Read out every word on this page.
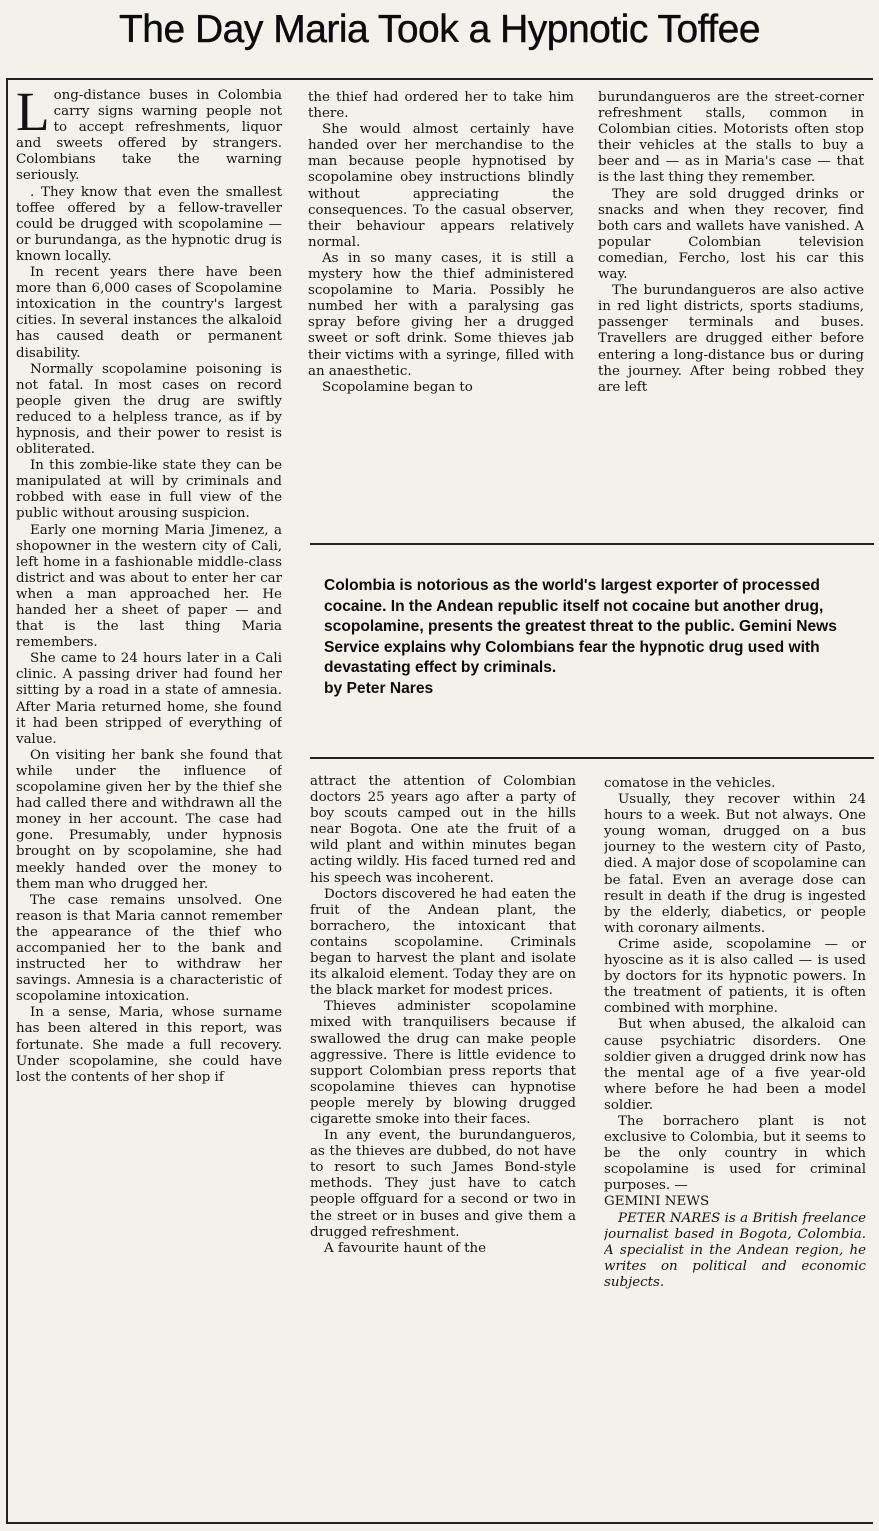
The Day Maria Took a Hypnotic Toffee

Long-distance buses in Colombia carry signs warning people not to accept refreshments, liquor and sweets offered by strangers. Colombians take the warning seriously.

. They know that even the smallest toffee offered by a fellow-traveller could be drugged with scopolamine — or burundanga, as the hypnotic drug is known locally.

In recent years there have been more than 6,000 cases of Scopolamine intoxication in the country's largest cities. In several instances the alkaloid has caused death or permanent disability.

Normally scopolamine poisoning is not fatal. In most cases on record people given the drug are swiftly reduced to a helpless trance, as if by hypnosis, and their power to resist is obliterated.

In this zombie-like state they can be manipulated at will by criminals and robbed with ease in full view of the public without arousing suspicion.

Early one morning Maria Jimenez, a shopowner in the western city of Cali, left home in a fashionable middle-class district and was about to enter her car when a man approached her. He handed her a sheet of paper — and that is the last thing Maria remembers.

She came to 24 hours later in a Cali clinic. A passing driver had found her sitting by a road in a state of amnesia. After Maria returned home, she found it had been stripped of everything of value.

On visiting her bank she found that while under the influence of scopolamine given her by the thief she had called there and withdrawn all the money in her account. The case had gone. Presumably, under hypnosis brought on by scopolamine, she had meekly handed over the money to them man who drugged her.

The case remains unsolved. One reason is that Maria cannot remember the appearance of the thief who accompanied her to the bank and instructed her to withdraw her savings. Amnesia is a characteristic of scopolamine intoxication.

In a sense, Maria, whose surname has been altered in this report, was fortunate. She made a full recovery. Under scopolamine, she could have lost the contents of her shop if

the thief had ordered her to take him there.

She would almost certainly have handed over her merchandise to the man because people hypnotised by scopolamine obey instructions blindly without appreciating the consequences. To the casual observer, their behaviour appears relatively normal.

As in so many cases, it is still a mystery how the thief administered scopolamine to Maria. Possibly he numbed her with a paralysing gas spray before giving her a drugged sweet or soft drink. Some thieves jab their victims with a syringe, filled with an anaesthetic.

Scopolamine began to

burundangueros are the street-corner refreshment stalls, common in Colombian cities. Motorists often stop their vehicles at the stalls to buy a beer and — as in Maria's case — that is the last thing they remember.

They are sold drugged drinks or snacks and when they recover, find both cars and wallets have vanished. A popular Colombian television comedian, Fercho, lost his car this way.

The burundangueros are also active in red light districts, sports stadiums, passenger terminals and buses. Travellers are drugged either before entering a long-distance bus or during the journey. After being robbed they are left

Colombia is notorious as the world's largest exporter of processed cocaine. In the Andean republic itself not cocaine but another drug, scopolamine, presents the greatest threat to the public. Gemini News Service explains why Colombians fear the hypnotic drug used with devastating effect by criminals.
by Peter Nares

attract the attention of Colombian doctors 25 years ago after a party of boy scouts camped out in the hills near Bogota. One ate the fruit of a wild plant and within minutes began acting wildly. His faced turned red and his speech was incoherent.

Doctors discovered he had eaten the fruit of the Andean plant, the borrachero, the intoxicant that contains scopolamine. Criminals began to harvest the plant and isolate its alkaloid element. Today they are on the black market for modest prices.

Thieves administer scopolamine mixed with tranquilisers because if swallowed the drug can make people aggressive. There is little evidence to support Colombian press reports that scopolamine thieves can hypnotise people merely by blowing drugged cigarette smoke into their faces.

In any event, the burundangueros, as the thieves are dubbed, do not have to resort to such James Bond-style methods. They just have to catch people offguard for a second or two in the street or in buses and give them a drugged refreshment.

A favourite haunt of the

comatose in the vehicles.

Usually, they recover within 24 hours to a week. But not always. One young woman, drugged on a bus journey to the western city of Pasto, died. A major dose of scopolamine can be fatal. Even an average dose can result in death if the drug is ingested by the elderly, diabetics, or people with coronary ailments.

Crime aside, scopolamine — or hyoscine as it is also called — is used by doctors for its hypnotic powers. In the treatment of patients, it is often combined with morphine.

But when abused, the alkaloid can cause psychiatric disorders. One soldier given a drugged drink now has the mental age of a five year-old where before he had been a model soldier.

The borrachero plant is not exclusive to Colombia, but it seems to be the only country in which scopolamine is used for criminal purposes. —

GEMINI NEWS

PETER NARES is a British freelance journalist based in Bogota, Colombia. A specialist in the Andean region, he writes on political and economic subjects.
